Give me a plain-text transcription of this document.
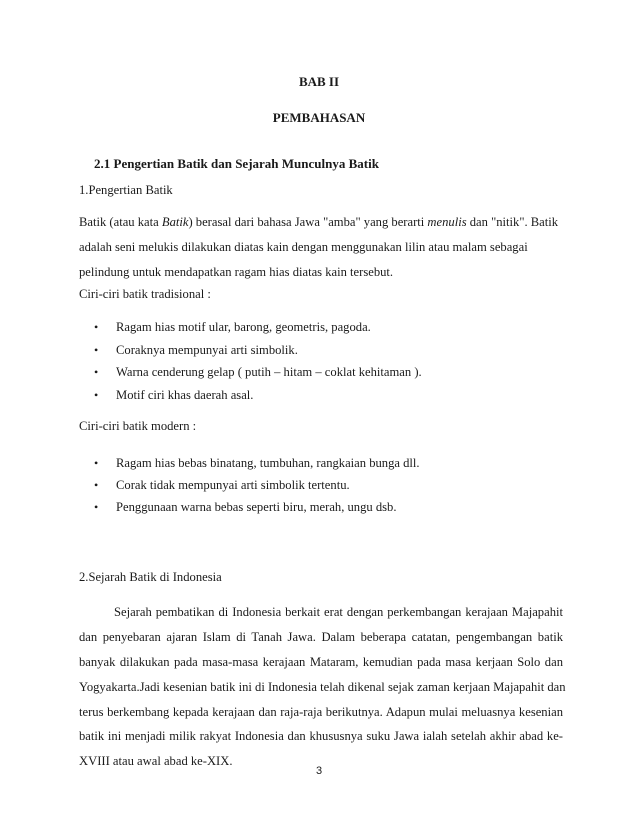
BAB II
PEMBAHASAN
2.1 Pengertian Batik dan Sejarah Munculnya Batik
1.Pengertian Batik
Batik (atau kata Batik) berasal dari bahasa Jawa "amba" yang berarti menulis dan "nitik". Batik
adalah seni melukis dilakukan diatas kain dengan menggunakan lilin atau malam sebagai
pelindung untuk mendapatkan ragam hias diatas kain tersebut.
Ciri-ciri batik tradisional :
• Ragam hias motif ular, barong, geometris, pagoda.
• Coraknya mempunyai arti simbolik.
• Warna cenderung gelap ( putih – hitam – coklat kehitaman ).
• Motif ciri khas daerah asal.
Ciri-ciri batik modern :
• Ragam hias bebas binatang, tumbuhan, rangkaian bunga dll.
• Corak tidak mempunyai arti simbolik tertentu.
• Penggunaan warna bebas seperti biru, merah, ungu dsb.
2.Sejarah Batik di Indonesia
Sejarah pembatikan di Indonesia berkait erat dengan perkembangan kerajaan Majapahit
dan penyebaran ajaran Islam di Tanah Jawa. Dalam beberapa catatan, pengembangan batik
banyak dilakukan pada masa-masa kerajaan Mataram, kemudian pada masa kerjaan Solo dan
Yogyakarta.Jadi kesenian batik ini di Indonesia telah dikenal sejak zaman kerjaan Majapahit dan
terus berkembang kepada kerajaan dan raja-raja berikutnya. Adapun mulai meluasnya kesenian
batik ini menjadi milik rakyat Indonesia dan khususnya suku Jawa ialah setelah akhir abad ke-
XVIII atau awal abad ke-XIX.
3
